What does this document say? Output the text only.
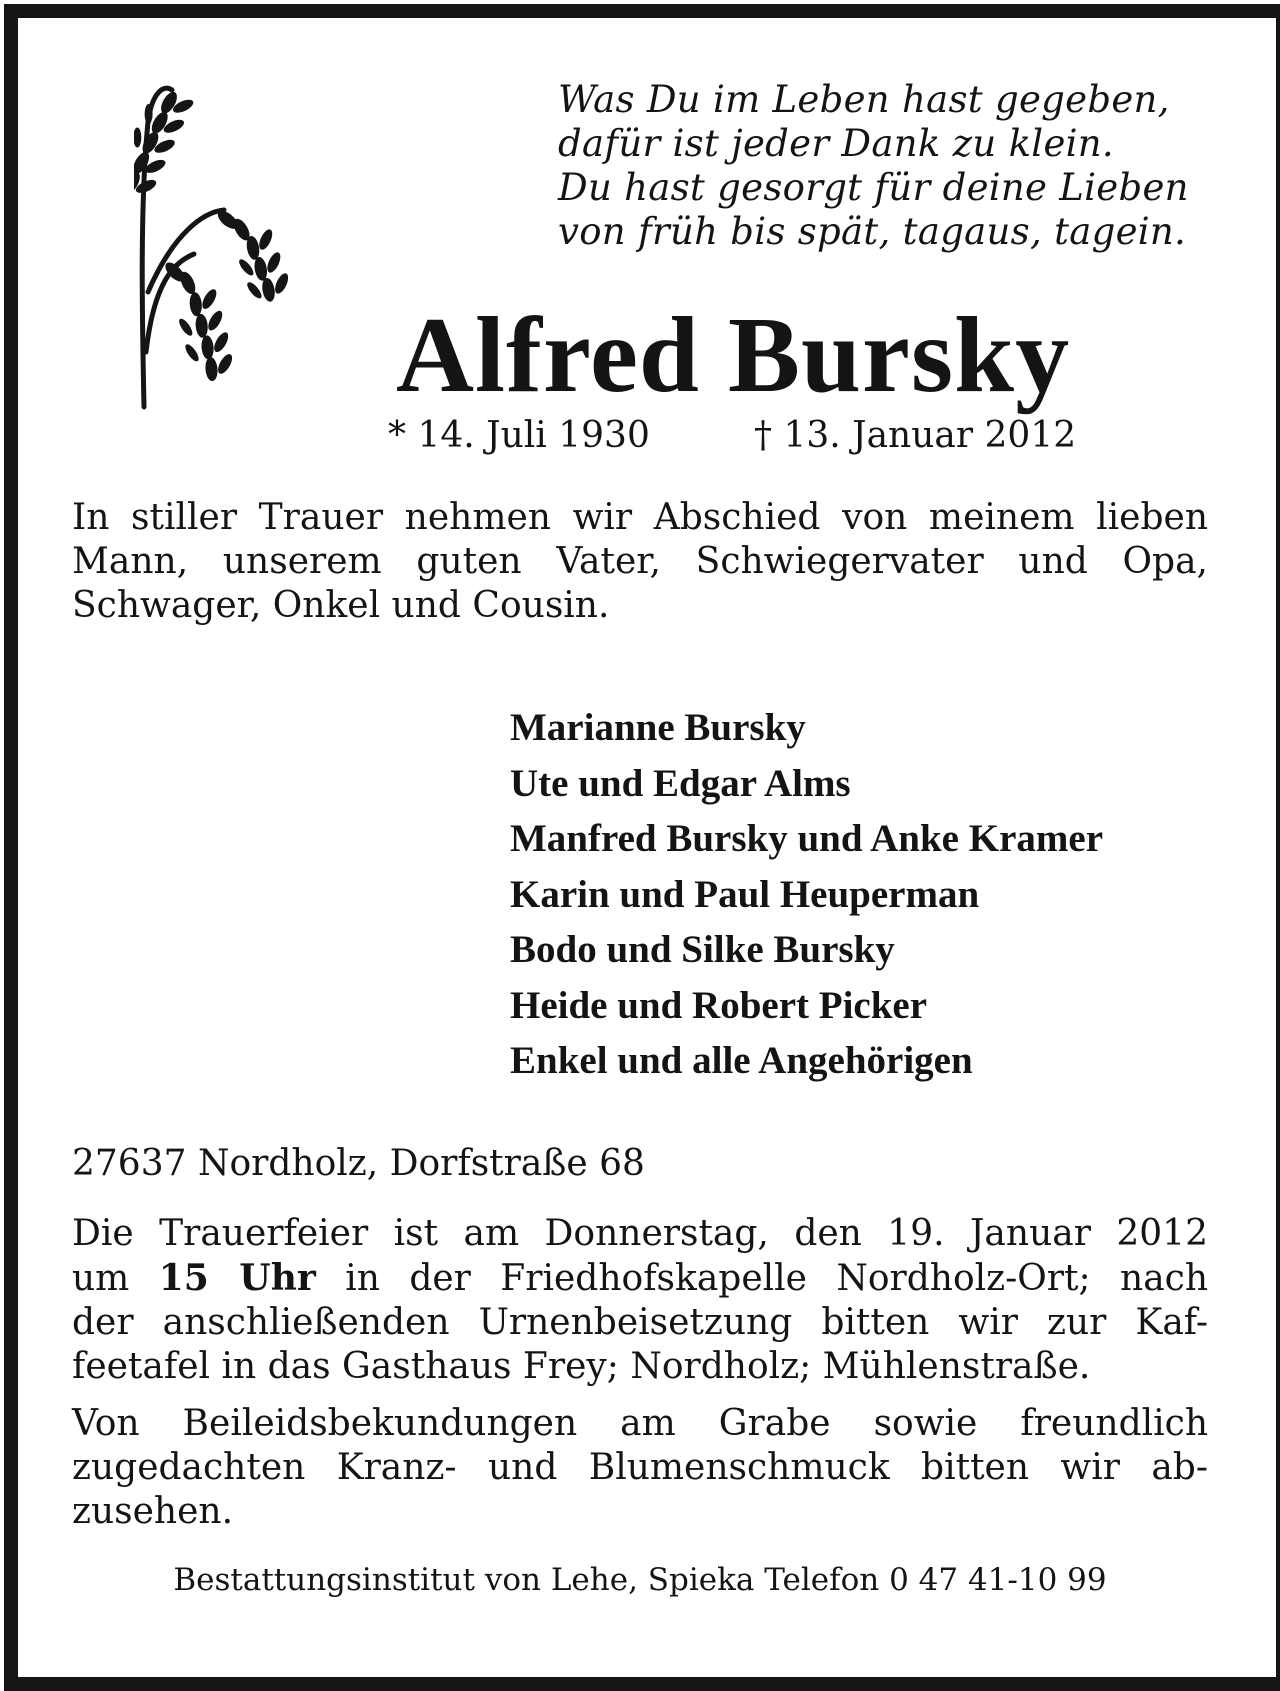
Was Du im Leben hast gegeben,
dafür ist jeder Dank zu klein.
Du hast gesorgt für deine Lieben
von früh bis spät, tagaus, tagein.
Alfred Bursky
* 14. Juli 1930	† 13. Januar 2012
In stiller Trauer nehmen wir Abschied von meinem lieben
Mann, unserem guten Vater, Schwiegervater und Opa,
Schwager, Onkel und Cousin.
Marianne Bursky
Ute und Edgar Alms
Manfred Bursky und Anke Kramer
Karin und Paul Heuperman
Bodo und Silke Bursky
Heide und Robert Picker
Enkel und alle Angehörigen
27637 Nordholz, Dorfstraße 68
Die Trauerfeier ist am Donnerstag, den 19. Januar 2012
um 15 Uhr in der Friedhofskapelle Nordholz-Ort; nach
der anschließenden Urnenbeisetzung bitten wir zur Kaf-
feetafel in das Gasthaus Frey; Nordholz; Mühlenstraße.
Von Beileidsbekundungen am Grabe sowie freundlich
zugedachten Kranz- und Blumenschmuck bitten wir ab-
zusehen.
Bestattungsinstitut von Lehe, Spieka Telefon 0 47 41-10 99
